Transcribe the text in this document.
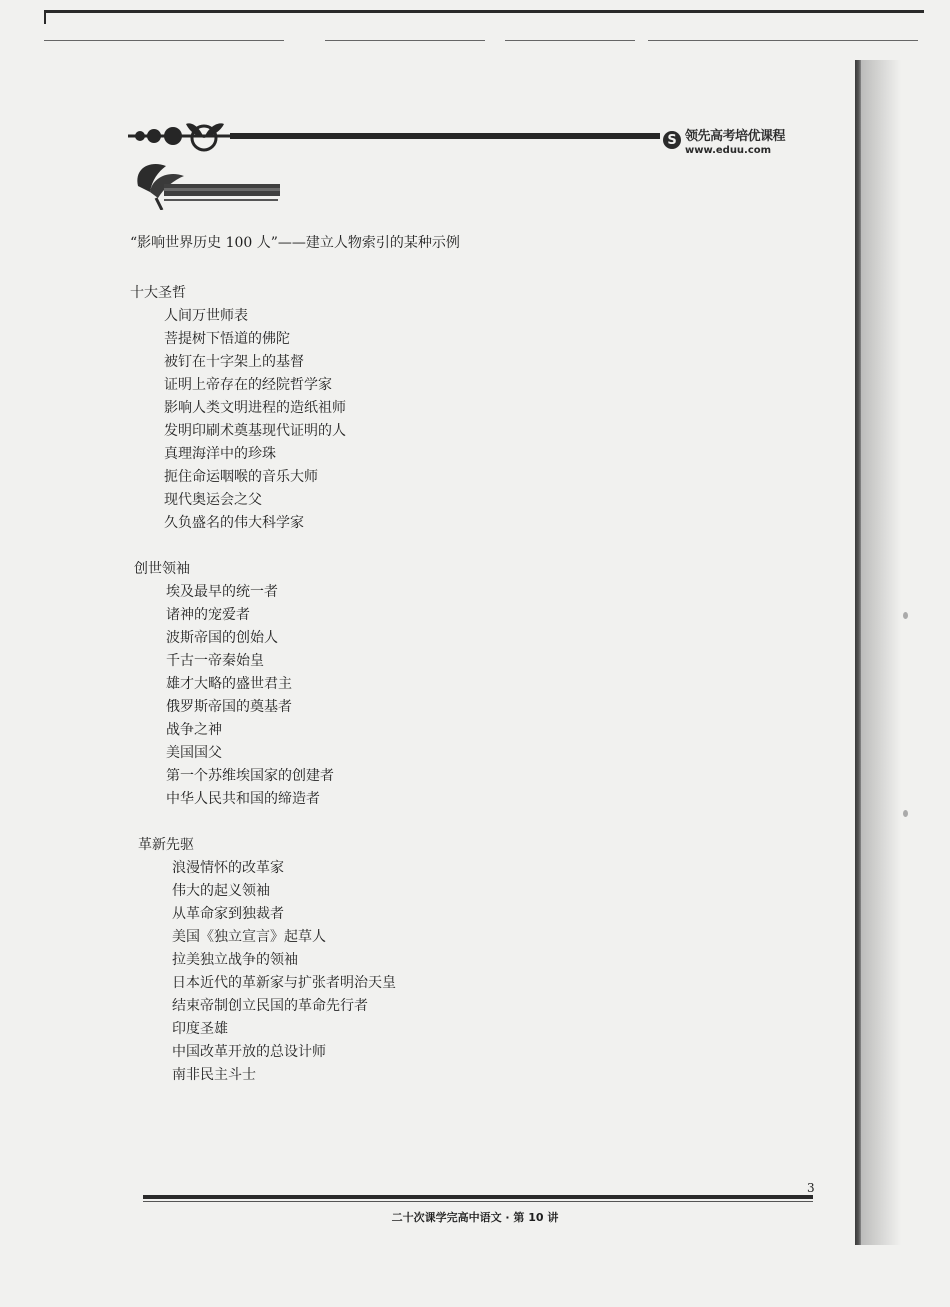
S 领先高考培优课程
www.eduu.com
“影响世界历史 100 人”——建立人物索引的某种示例
十大圣哲
人间万世师表
菩提树下悟道的佛陀
被钉在十字架上的基督
证明上帝存在的经院哲学家
影响人类文明进程的造纸祖师
发明印刷术奠基现代证明的人
真理海洋中的珍珠
扼住命运咽喉的音乐大师
现代奥运会之父
久负盛名的伟大科学家
创世领袖
埃及最早的统一者
诸神的宠爱者
波斯帝国的创始人
千古一帝秦始皇
雄才大略的盛世君主
俄罗斯帝国的奠基者
战争之神
美国国父
第一个苏维埃国家的创建者
中华人民共和国的缔造者
革新先驱
浪漫情怀的改革家
伟大的起义领袖
从革命家到独裁者
美国《独立宣言》起草人
拉美独立战争的领袖
日本近代的革新家与扩张者明治天皇
结束帝制创立民国的革命先行者
印度圣雄
中国改革开放的总设计师
南非民主斗士
3
二十次课学完高中语文 · 第 10 讲
